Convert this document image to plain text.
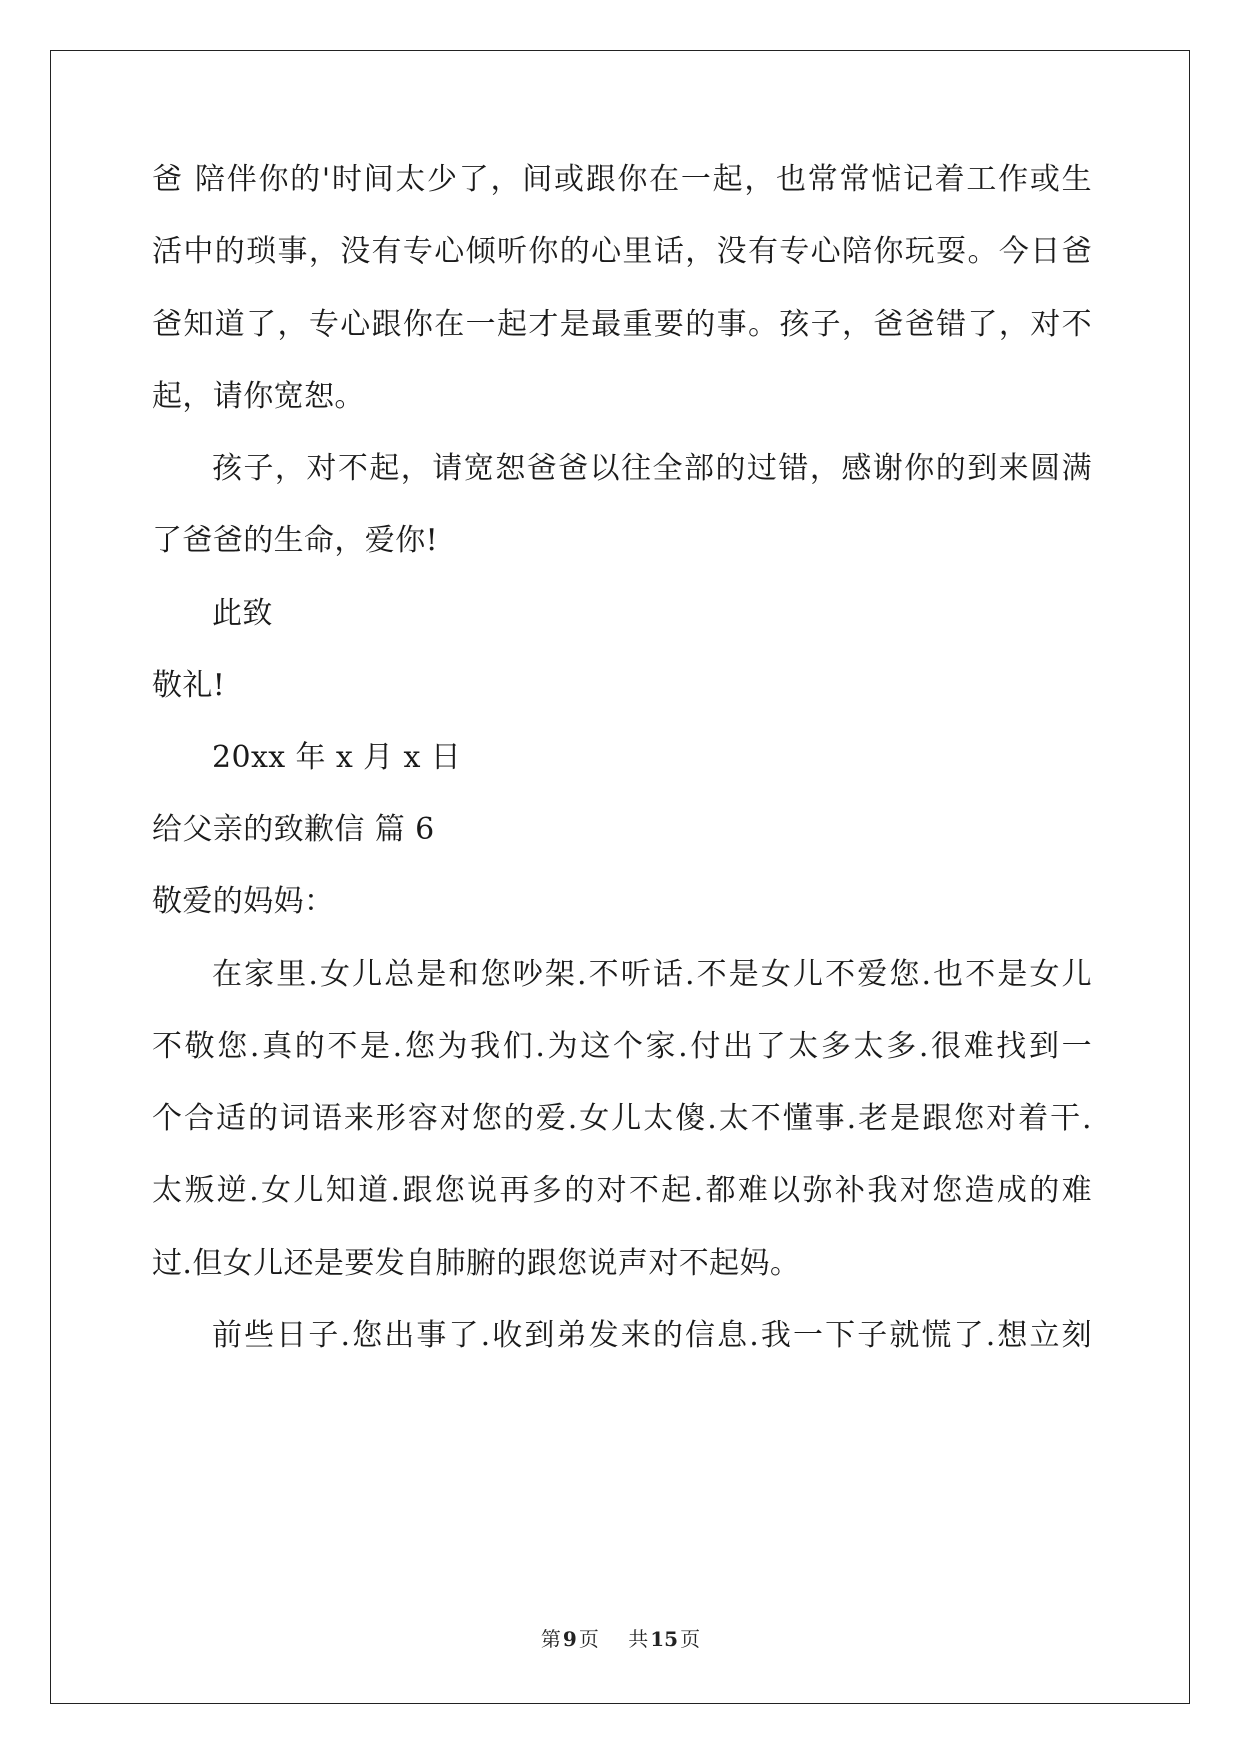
爸 陪伴你的'时间太少了，间或跟你在一起，也常常惦记着工作或生
活中的琐事，没有专心倾听你的心里话，没有专心陪你玩耍。今日爸
爸知道了，专心跟你在一起才是最重要的事。孩子，爸爸错了，对不
起，请你宽恕。
孩子，对不起，请宽恕爸爸以往全部的过错，感谢你的到来圆满
了爸爸的生命，爱你!
此致
敬礼!
20xx 年 x 月 x 日
给父亲的致歉信 篇 6
敬爱的妈妈：
在家里.女儿总是和您吵架.不听话.不是女儿不爱您.也不是女儿
不敬您.真的不是.您为我们.为这个家.付出了太多太多.很难找到一
个合适的词语来形容对您的爱.女儿太傻.太不懂事.老是跟您对着干.
太叛逆.女儿知道.跟您说再多的对不起.都难以弥补我对您造成的难
过.但女儿还是要发自肺腑的跟您说声对不起妈。
前些日子.您出事了.收到弟发来的信息.我一下子就慌了.想立刻
第 9 页 共 15 页
